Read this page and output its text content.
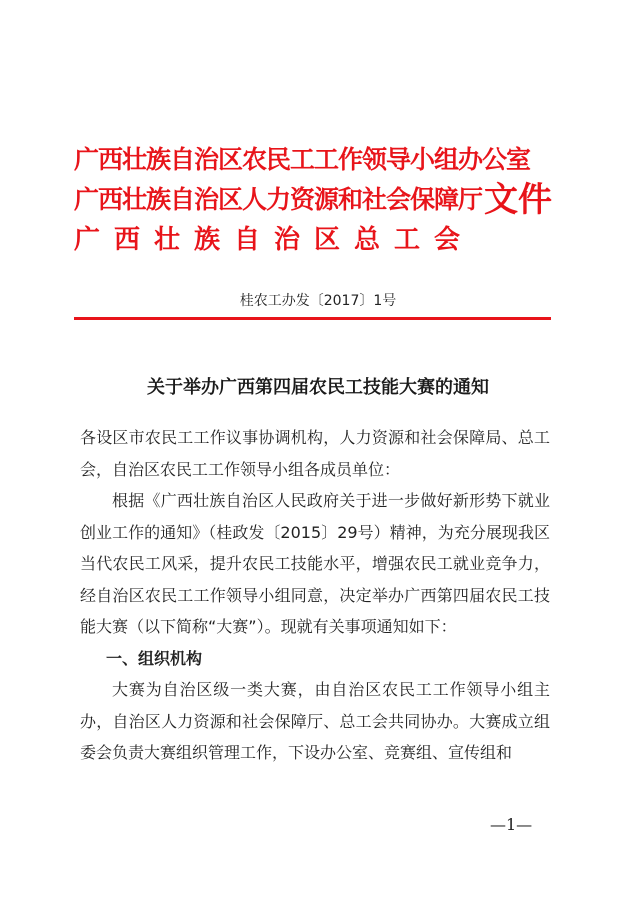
广西壮族自治区农民工工作领导小组办公室
广西壮族自治区人力资源和社会保障厅 文件
广西壮族自治区总工会
桂农工办发〔2017〕1号
关于举办广西第四届农民工技能大赛的通知

各设区市农民工工作议事协调机构，人力资源和社会保障局、总工会，自治区农民工工作领导小组各成员单位：

根据《广西壮族自治区人民政府关于进一步做好新形势下就业创业工作的通知》（桂政发〔2015〕29号）精神，为充分展现我区当代农民工风采，提升农民工技能水平，增强农民工就业竞争力，经自治区农民工工作领导小组同意，决定举办广西第四届农民工技能大赛（以下简称“大赛”）。现就有关事项通知如下：

一、组织机构

大赛为自治区级一类大赛，由自治区农民工工作领导小组主办，自治区人力资源和社会保障厅、总工会共同协办。大赛成立组委会负责大赛组织管理工作，下设办公室、竞赛组、宣传组和

—1—
